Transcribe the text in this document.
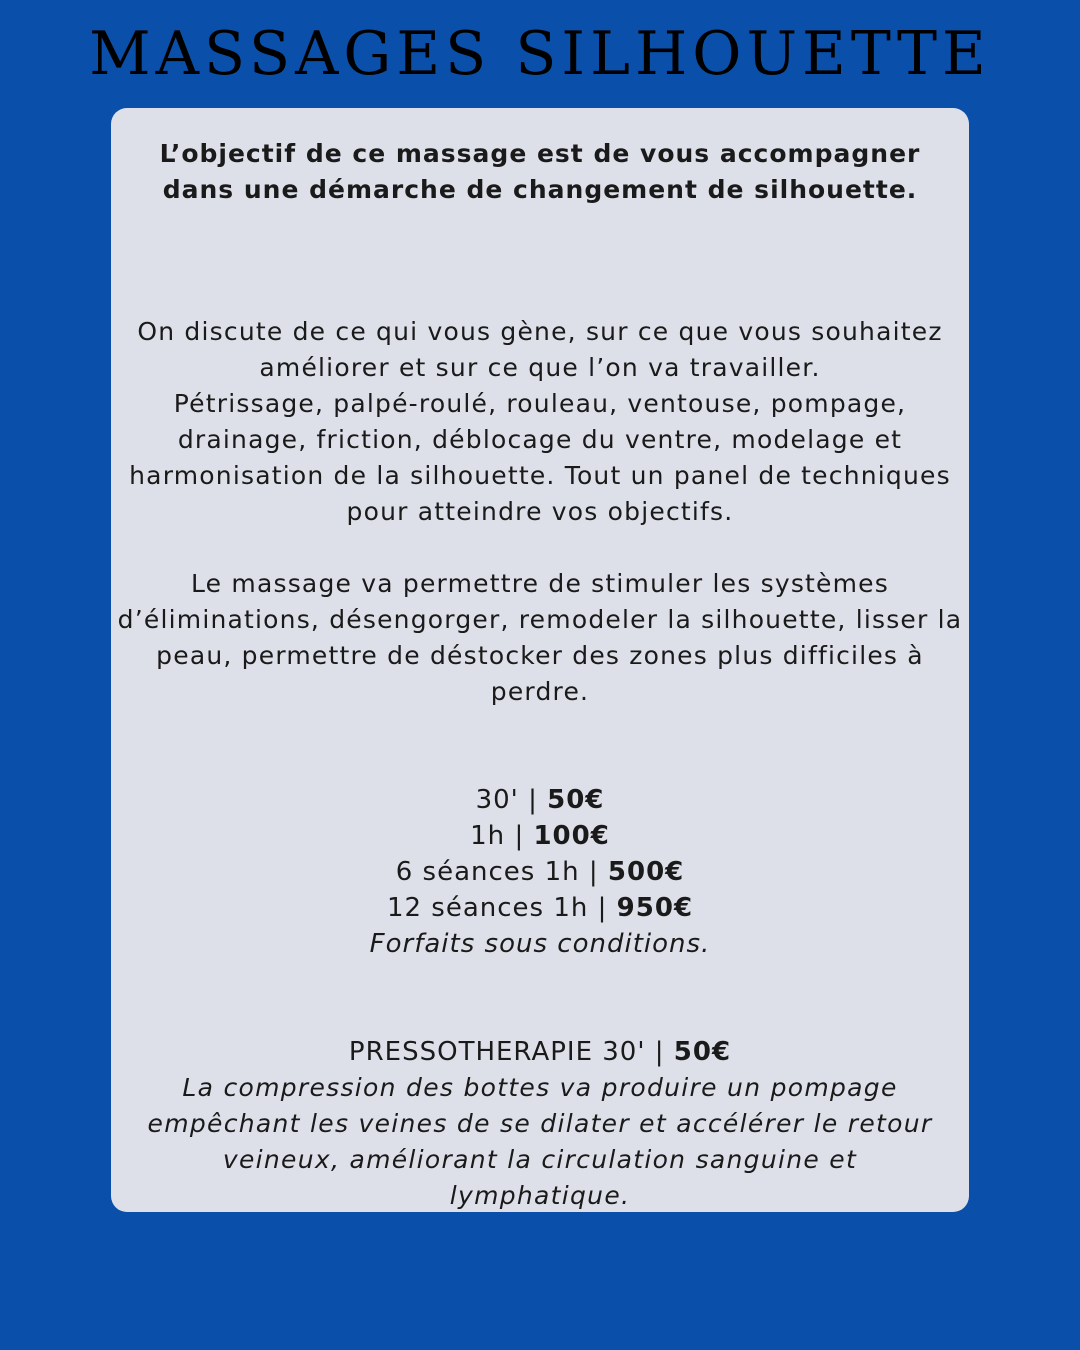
MASSAGES SILHOUETTE
L’objectif de ce massage est de vous accompagner dans une démarche de changement de silhouette.
On discute de ce qui vous gène, sur ce que vous souhaitez
améliorer et sur ce que l’on va travailler.
Pétrissage, palpé-roulé, rouleau, ventouse, pompage,
drainage, friction, déblocage du ventre, modelage et
harmonisation de la silhouette. Tout un panel de techniques
pour atteindre vos objectifs.
Le massage va permettre de stimuler les systèmes
d’éliminations, désengorger, remodeler la silhouette, lisser la
peau, permettre de déstocker des zones plus difficiles à
perdre.
30' | 50€
1h | 100€
6 séances 1h | 500€
12 séances 1h | 950€
Forfaits sous conditions.
PRESSOTHERAPIE 30' | 50€
La compression des bottes va produire un pompage
empêchant les veines de se dilater et accélérer le retour
veineux, améliorant la circulation sanguine et lymphatique.
